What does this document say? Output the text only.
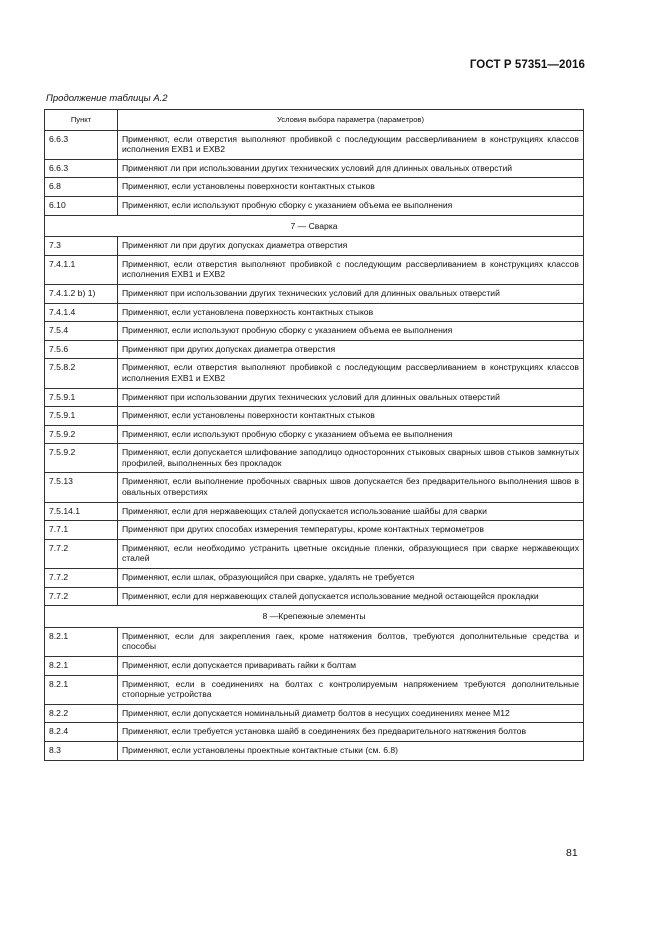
ГОСТ Р 57351—2016
Продолжение таблицы А.2
Пункт	Условия выбора параметра (параметров)
6.6.3	Применяют, если отверстия выполняют пробивкой с последующим рассверливанием в конструкциях классов исполнения EXB1 и EXB2
6.6.3	Применяют ли при использовании других технических условий для длинных овальных отверстий
6.8	Применяют, если установлены поверхности контактных стыков
6.10	Применяют, если используют пробную сборку с указанием объема ее выполнения
7 — Сварка	
7.3	Применяют ли при других допусках диаметра отверстия
7.4.1.1	Применяют, если отверстия выполняют пробивкой с последующим рассверливанием в конструкциях классов исполнения EXB1 и EXB2
7.4.1.2 b) 1)	Применяют при использовании других технических условий для длинных овальных отверстий
7.4.1.4	Применяют, если установлена поверхность контактных стыков
7.5.4	Применяют, если используют пробную сборку с указанием объема ее выполнения
7.5.6	Применяют при других допусках диаметра отверстия
7.5.8.2	Применяют, если отверстия выполняют пробивкой с последующим рассверливанием в конструкциях классов исполнения EXB1 и EXB2
7.5.9.1	Применяют при использовании других технических условий для длинных овальных отверстий
7.5.9.1	Применяют, если установлены поверхности контактных стыков
7.5.9.2	Применяют, если используют пробную сборку с указанием объема ее выполнения
7.5.9.2	Применяют, если допускается шлифование заподлицо односторонних стыковых сварных швов стыков замкнутых профилей, выполненных без прокладок
7.5.13	Применяют, если выполнение пробочных сварных швов допускается без предварительного выполнения швов в овальных отверстиях
7.5.14.1	Применяют, если для нержавеющих сталей допускается использование шайбы для сварки
7.7.1	Применяют при других способах измерения температуры, кроме контактных термометров
7.7.2	Применяют, если необходимо устранить цветные оксидные пленки, образующиеся при сварке нержавеющих сталей
7.7.2	Применяют, если шлак, образующийся при сварке, удалять не требуется
7.7.2	Применяют, если для нержавеющих сталей допускается использование медной остающейся прокладки
8 —Крепежные элементы	
8.2.1	Применяют, если для закрепления гаек, кроме натяжения болтов, требуются дополнительные средства и способы
8.2.1	Применяют, если допускается приваривать гайки к болтам
8.2.1	Применяют, если в соединениях на болтах с контролируемым напряжением требуются дополнительные стопорные устройства
8.2.2	Применяют, если допускается номинальный диаметр болтов в несущих соединениях менее М12
8.2.4	Применяют, если требуется установка шайб в соединениях без предварительного натяжения болтов
8.3	Применяют, если установлены проектные контактные стыки (см. 6.8)
81
